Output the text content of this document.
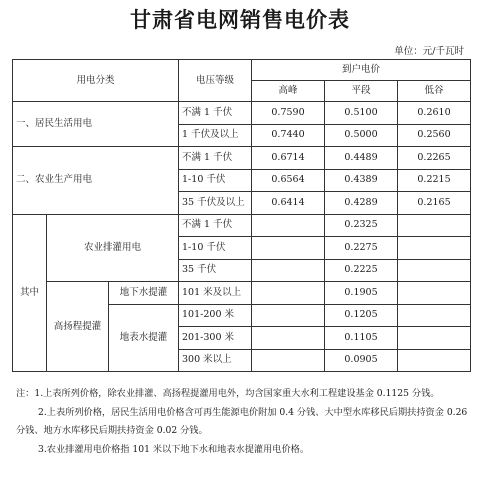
甘肃省电网销售电价表
单位：元/千瓦时
用电分类			电压等级	到户电价		
				高峰	平段	低谷
一、居民生活用电			不满 1 千伏	0.7590	0.5100	0.2610
			1 千伏及以上	0.7440	0.5000	0.2560
二、农业生产用电			不满 1 千伏	0.6714	0.4489	0.2265
			1-10 千伏	0.6564	0.4389	0.2215
			35 千伏及以上	0.6414	0.4289	0.2165
其中	农业排灌用电		不满 1 千伏		0.2325	
			1-10 千伏		0.2275	
			35 千伏		0.2225	
	高扬程提灌	地下水提灌	101 米及以上		0.1905	
		地表水提灌	101-200 米		0.1205	
			201-300 米		0.1105	
			300 米以上		0.0905	

注：1.上表所列价格，除农业排灌、高扬程提灌用电外，均含国家重大水利工程建设基金 0.1125 分钱。

2.上表所列价格，居民生活用电价格含可再生能源电价附加 0.4 分钱、大中型水库移民后期扶持资金 0.26 分钱、地方水库移民后期扶持资金 0.02 分钱。

3.农业排灌用电价格指 101 米以下地下水和地表水提灌用电价格。
